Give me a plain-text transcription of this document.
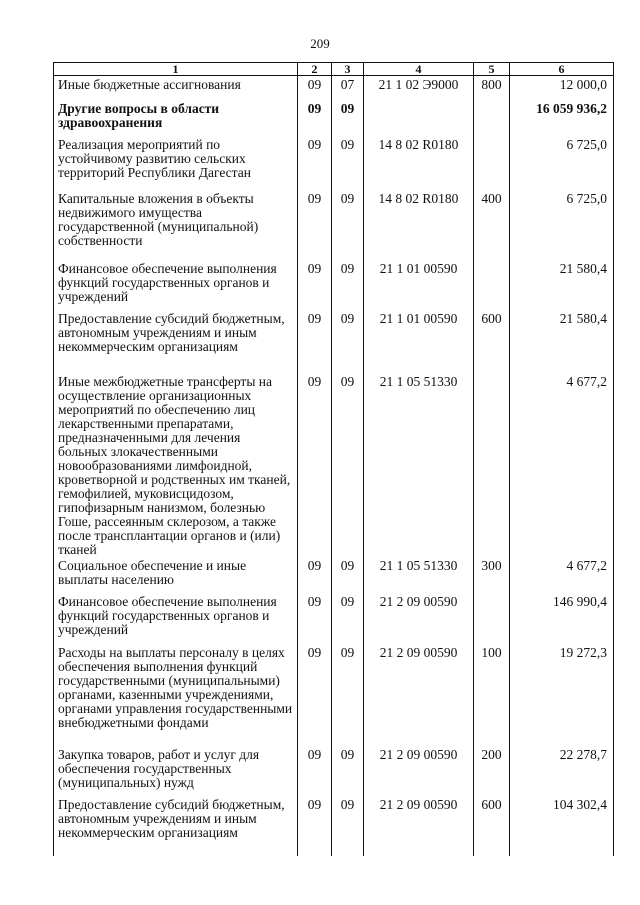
209
1	2	3	4	5	6
Иные бюджетные ассигнования	09	07	21 1 02 Э9000	800	12 000,0
Другие вопросы в области здравоохранения	09	09			16 059 936,2
Реализация мероприятий по устойчивому развитию сельских территорий Республики Дагестан	09	09	14 8 02 R0180		6 725,0
Капитальные вложения в объекты недвижимого имущества государственной (муниципальной) собственности	09	09	14 8 02 R0180	400	6 725,0
Финансовое обеспечение выполнения функций государственных органов и учреждений	09	09	21 1 01 00590		21 580,4
Предоставление субсидий бюджетным, автономным учреждениям и иным некоммерческим организациям	09	09	21 1 01 00590	600	21 580,4
Иные межбюджетные трансферты на осуществление организационных мероприятий по обеспечению лиц лекарственными препаратами, предназначенными для лечения больных злокачественными новообразованиями лимфоидной, кроветворной и родственных им тканей, гемофилией, муковисцидозом, гипофизарным нанизмом, болезнью Гоше, рассеянным склерозом, а также после трансплантации органов и (или) тканей	09	09	21 1 05 51330		4 677,2
Социальное обеспечение и иные выплаты населению	09	09	21 1 05 51330	300	4 677,2
Финансовое обеспечение выполнения функций государственных органов и учреждений	09	09	21 2 09 00590		146 990,4
Расходы на выплаты персоналу в целях обеспечения выполнения функций государственными (муниципальными) органами, казенными учреждениями, органами управления государственными внебюджетными фондами	09	09	21 2 09 00590	100	19 272,3
Закупка товаров, работ и услуг для обеспечения государственных (муниципальных) нужд	09	09	21 2 09 00590	200	22 278,7
Предоставление субсидий бюджетным, автономным учреждениям и иным некоммерческим организациям	09	09	21 2 09 00590	600	104 302,4
